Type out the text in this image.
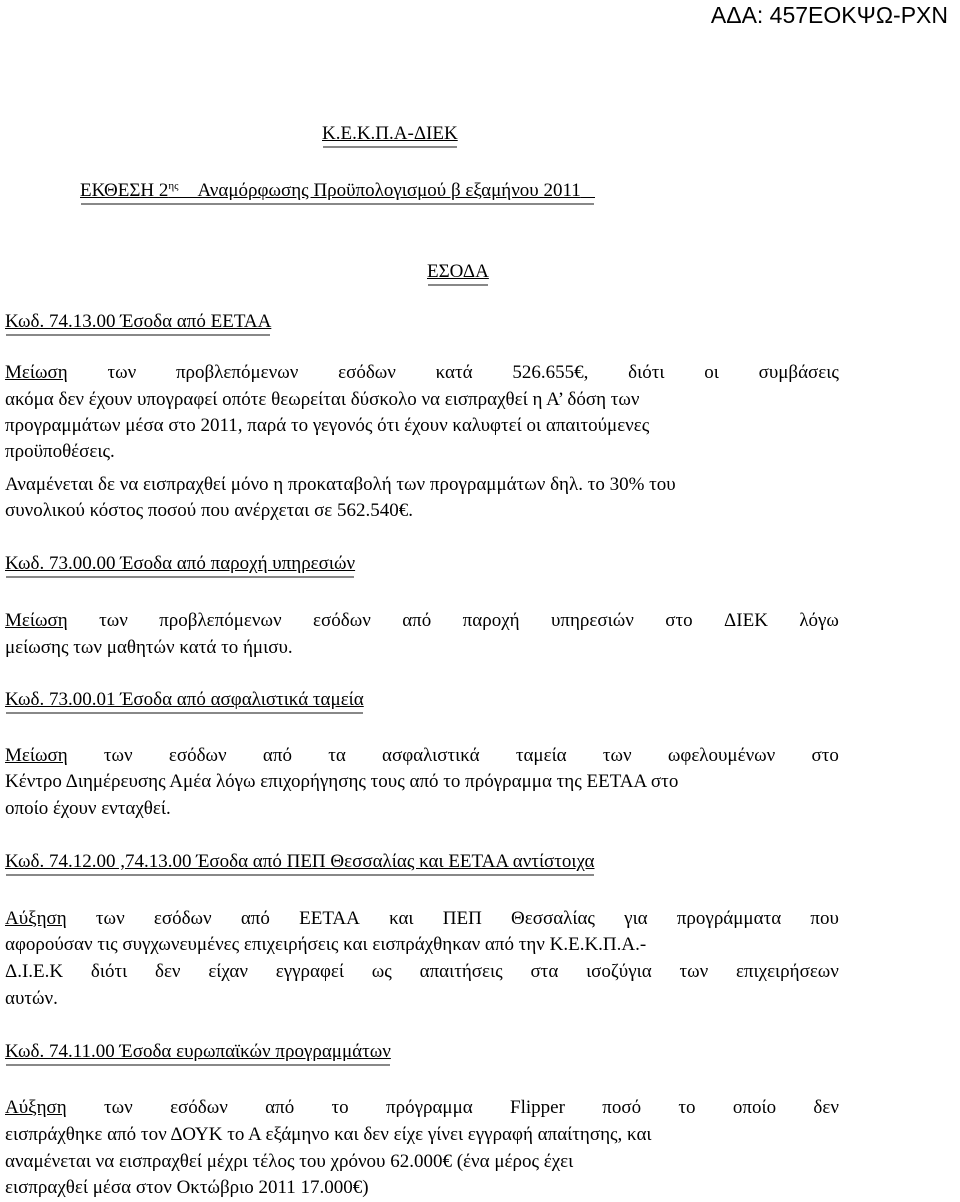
ΑΔΑ: 457ΕΟΚΨΩ-ΡΧΝ
Κ.Ε.Κ.Π.Α-ΔΙΕΚ
ΕΚΘΕΣΗ $2^{\eta\varsigma}$ Αναμόρφωσης Προϋπολογισμού β εξαμήνου 2011
ΕΣΟΔΑ
Κωδ. 74.13.00 Έσοδα από ΕΕΤΑΑ
Μείωση των προβλεπόμενων εσόδων κατά 526.655€, διότι οι συμβάσεις
ακόμα δεν έχουν υπογραφεί οπότε θεωρείται δύσκολο να εισπραχθεί η Α’ δόση των
προγραμμάτων μέσα στο 2011, παρά το γεγονός ότι έχουν καλυφτεί οι απαιτούμενες
προϋποθέσεις.
Αναμένεται δε να εισπραχθεί μόνο η προκαταβολή των προγραμμάτων δηλ. το 30% του
συνολικού κόστος ποσού που ανέρχεται σε 562.540€.
Κωδ. 73.00.00 Έσοδα από παροχή υπηρεσιών
Μείωση των προβλεπόμενων εσόδων από παροχή υπηρεσιών στο ΔΙΕΚ λόγω
μείωσης των μαθητών κατά το ήμισυ.
Κωδ. 73.00.01 Έσοδα από ασφαλιστικά ταμεία
Μείωση των εσόδων από τα ασφαλιστικά ταμεία των ωφελουμένων στο
Κέντρο Διημέρευσης Αμέα λόγω επιχορήγησης τους από το πρόγραμμα της ΕΕΤΑΑ στο
οποίο έχουν ενταχθεί.
Κωδ. 74.12.00 ,74.13.00 Έσοδα από ΠΕΠ Θεσσαλίας και ΕΕΤΑΑ αντίστοιχα
Αύξηση των εσόδων από ΕΕΤΑΑ και ΠΕΠ Θεσσαλίας για προγράμματα που
αφορούσαν τις συγχωνευμένες επιχειρήσεις και εισπράχθηκαν από την Κ.Ε.Κ.Π.Α.-
Δ.Ι.Ε.Κ διότι δεν είχαν εγγραφεί ως απαιτήσεις στα ισοζύγια των επιχειρήσεων
αυτών.
Κωδ. 74.11.00 Έσοδα ευρωπαϊκών προγραμμάτων
Αύξηση των εσόδων από το πρόγραμμα Flipper ποσό το οποίο δεν
εισπράχθηκε από τον ΔΟΥΚ το Α εξάμηνο και δεν είχε γίνει εγγραφή απαίτησης, και
αναμένεται να εισπραχθεί μέχρι τέλος του χρόνου 62.000€ (ένα μέρος έχει
εισπραχθεί μέσα στον Οκτώβριο 2011 17.000€)
